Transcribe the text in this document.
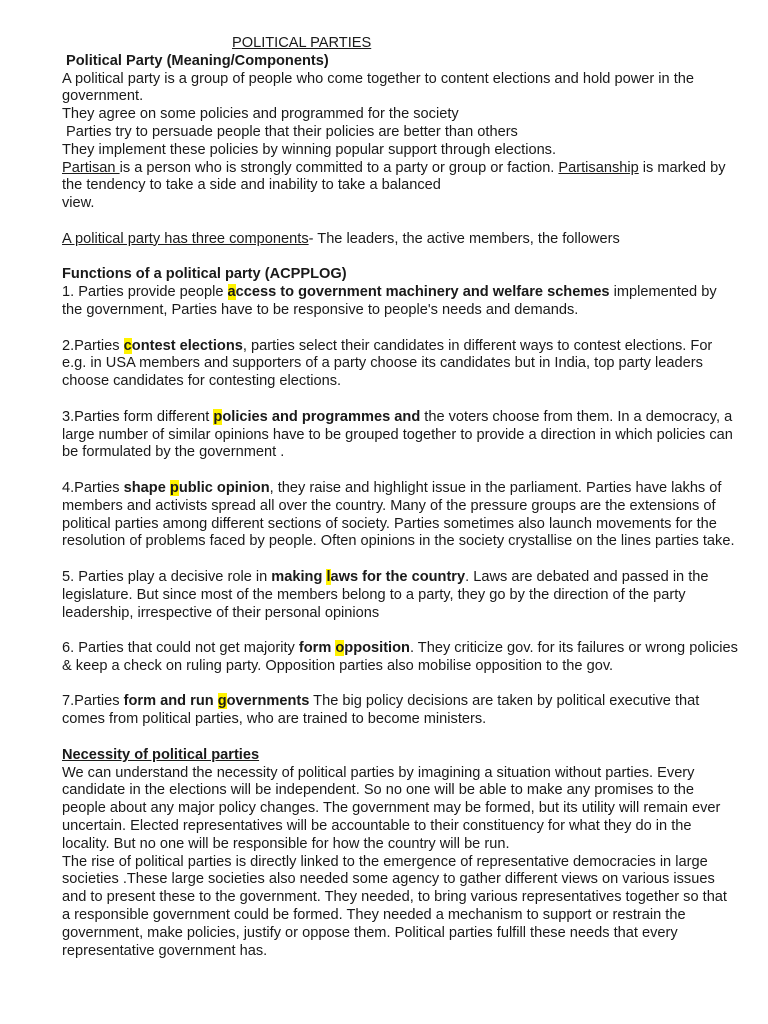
POLITICAL PARTIES

Political Party (Meaning/Components)

A political party is a group of people who come together to content elections and hold power in the government.

They agree on some policies and programmed for the society

Parties try to persuade people that their policies are better than others

They implement these policies by winning popular support through elections.

Partisan is a person who is strongly committed to a party or group or faction. Partisanship is marked by the tendency to take a side and inability to take a balanced

view.

A political party has three components- The leaders, the active members, the followers

Functions of a political party (ACPPLOG)

1. Parties provide people access to government machinery and welfare schemes implemented by the government, Parties have to be responsive to people's needs and demands.

2.Parties contest elections, parties select their candidates in different ways to contest elections. For e.g. in USA members and supporters of a party choose its candidates but in India, top party leaders choose candidates for contesting elections.

3.Parties form different policies and programmes and the voters choose from them. In a democracy, a large number of similar opinions have to be grouped together to provide a direction in which policies can be formulated by the government .

4.Parties shape public opinion, they raise and highlight issue in the parliament. Parties have lakhs of members and activists spread all over the country. Many of the pressure groups are the extensions of political parties among different sections of society. Parties sometimes also launch movements for the resolution of problems faced by people. Often opinions in the society crystallise on the lines parties take.

5. Parties play a decisive role in making laws for the country. Laws are debated and passed in the legislature. But since most of the members belong to a party, they go by the direction of the party leadership, irrespective of their personal opinions

6. Parties that could not get majority form opposition. They criticize gov. for its failures or wrong policies & keep a check on ruling party. Opposition parties also mobilise opposition to the gov.

7.Parties form and run governments The big policy decisions are taken by political executive that comes from political parties, who are trained to become ministers.

Necessity of political parties

We can understand the necessity of political parties by imagining a situation without parties. Every candidate in the elections will be independent. So no one will be able to make any promises to the people about any major policy changes. The government may be formed, but its utility will remain ever uncertain. Elected representatives will be accountable to their constituency for what they do in the locality. But no one will be responsible for how the country will be run.

The rise of political parties is directly linked to the emergence of representative democracies in large societies .These large societies also needed some agency to gather different views on various issues and to present these to the government. They needed, to bring various representatives together so that a responsible government could be formed. They needed a mechanism to support or restrain the government, make policies, justify or oppose them. Political parties fulfill these needs that every representative government has.
